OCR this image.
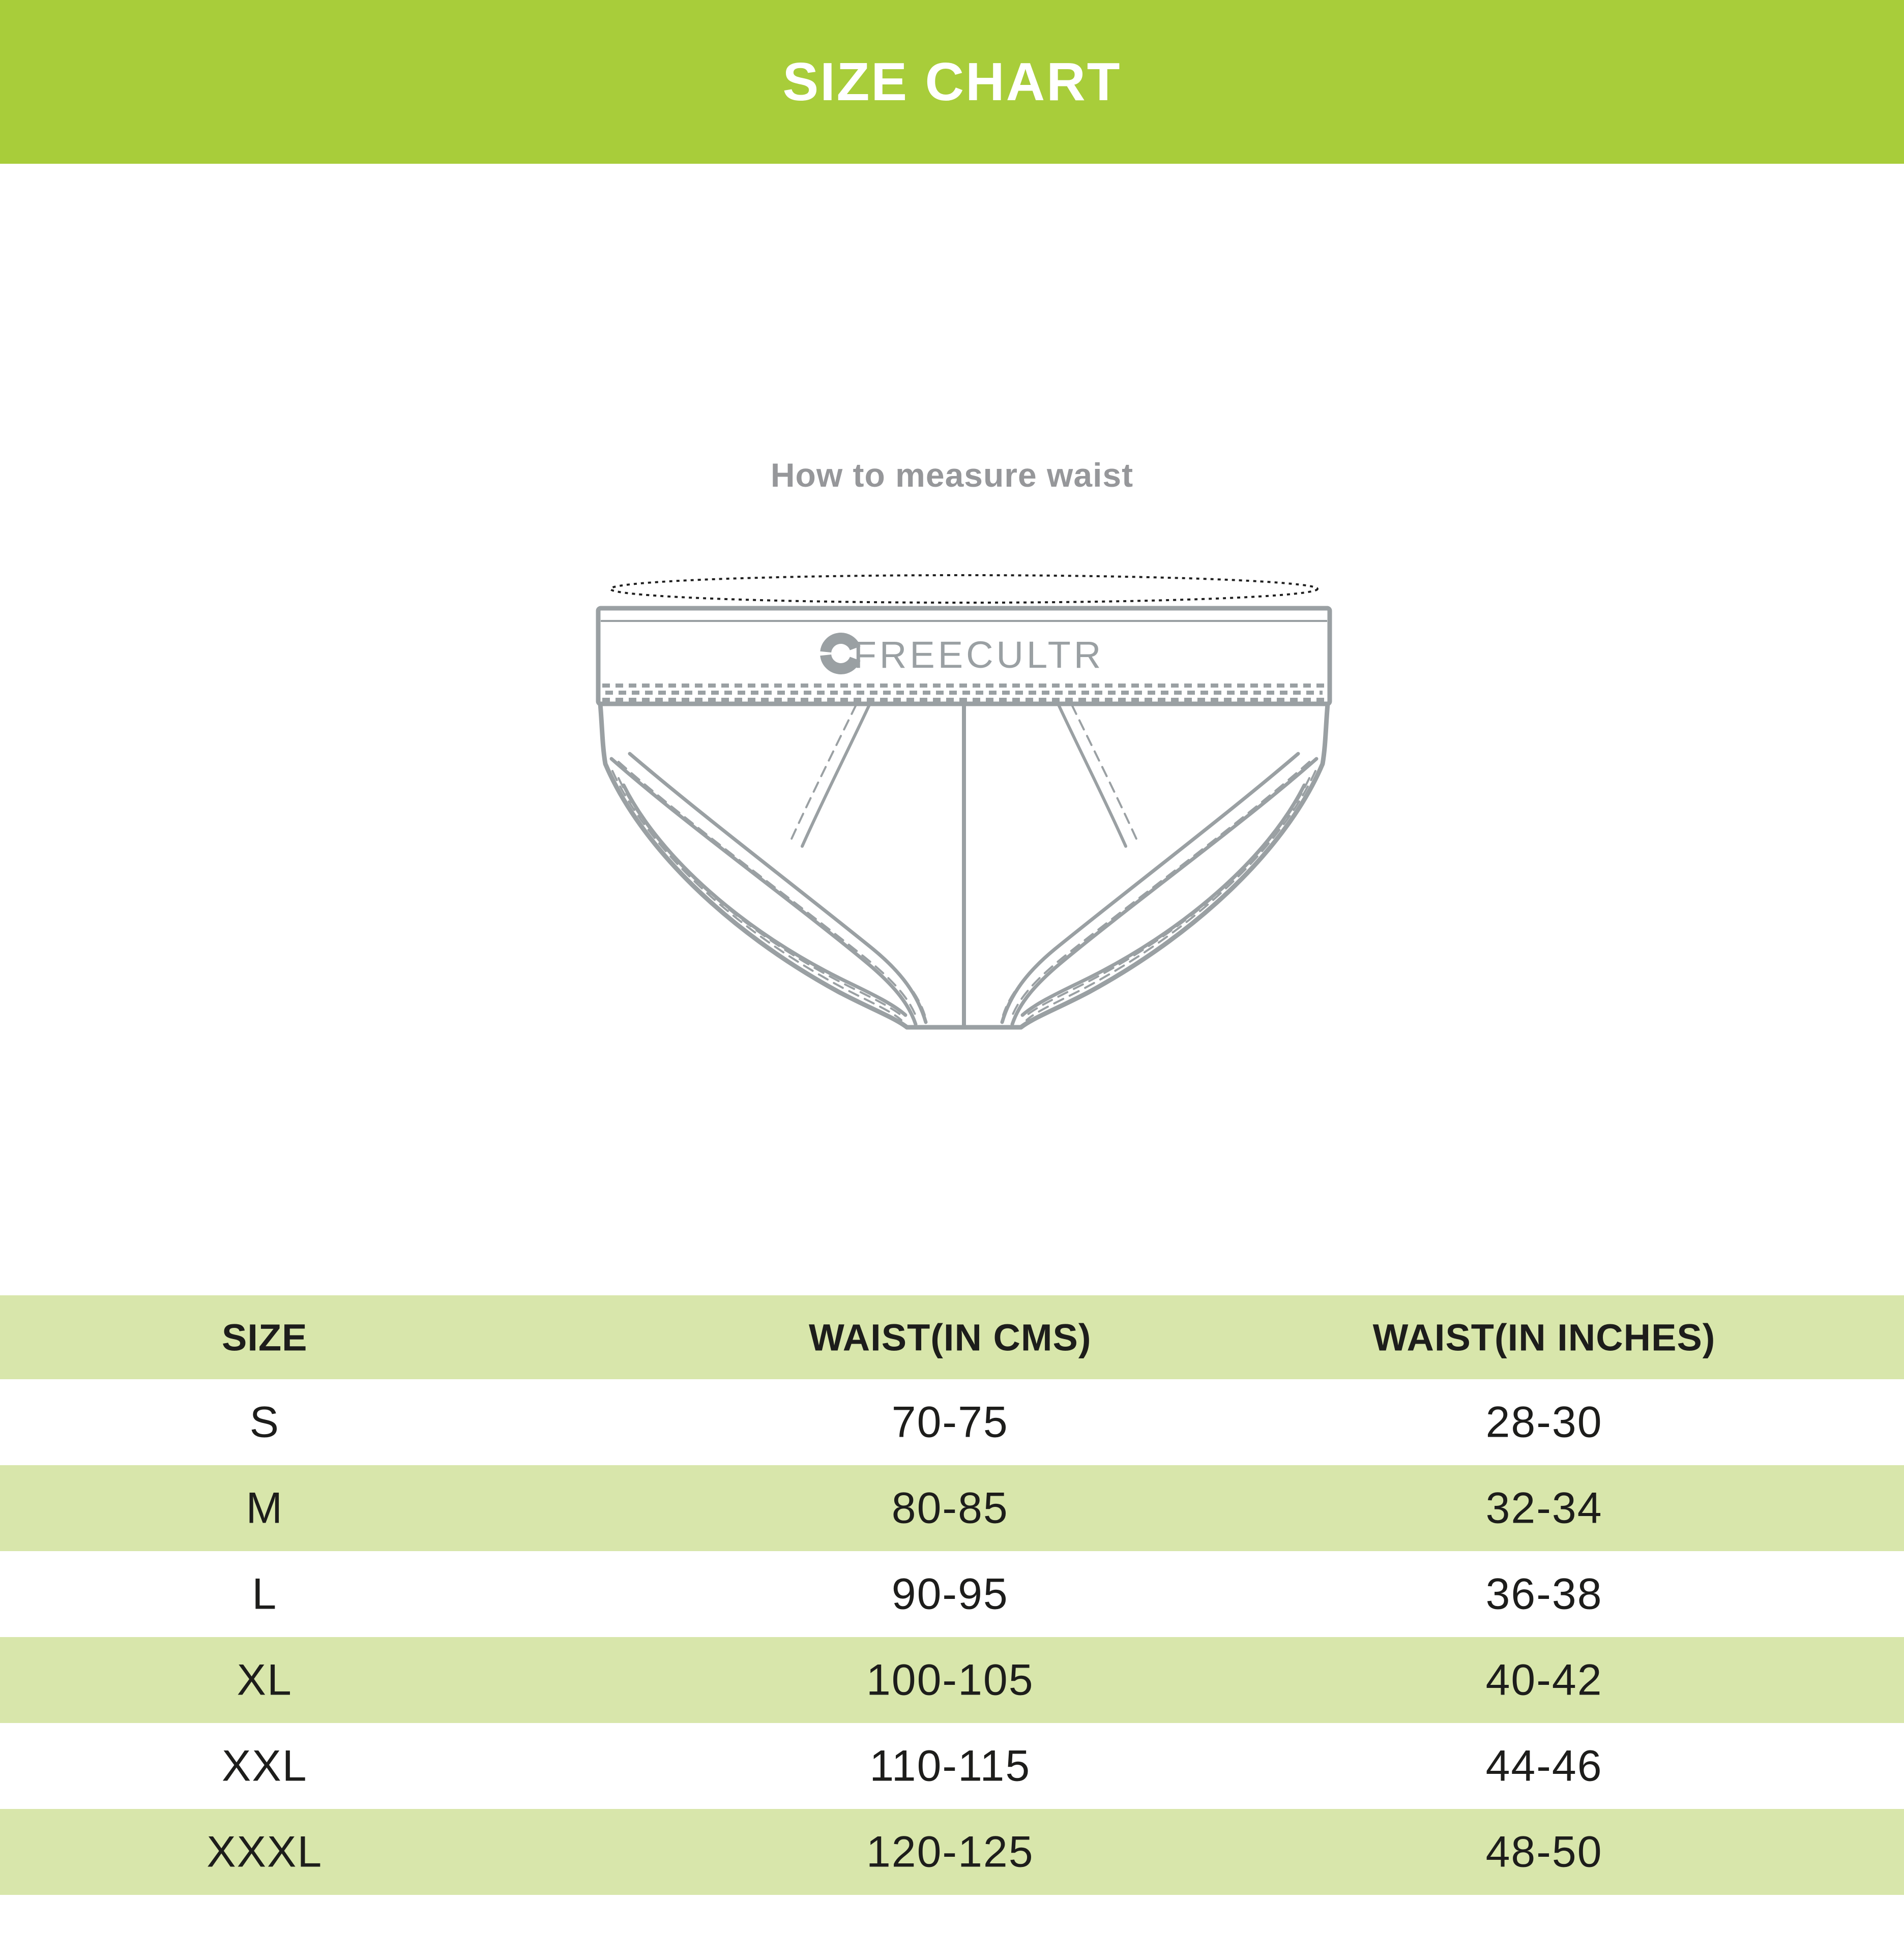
SIZE CHART
How to measure waist
FREECULTR
SIZE	WAIST(IN CMS)	WAIST(IN INCHES)
S	70-75	28-30
M	80-85	32-34
L	90-95	36-38
XL	100-105	40-42
XXL	110-115	44-46
XXXL	120-125	48-50
